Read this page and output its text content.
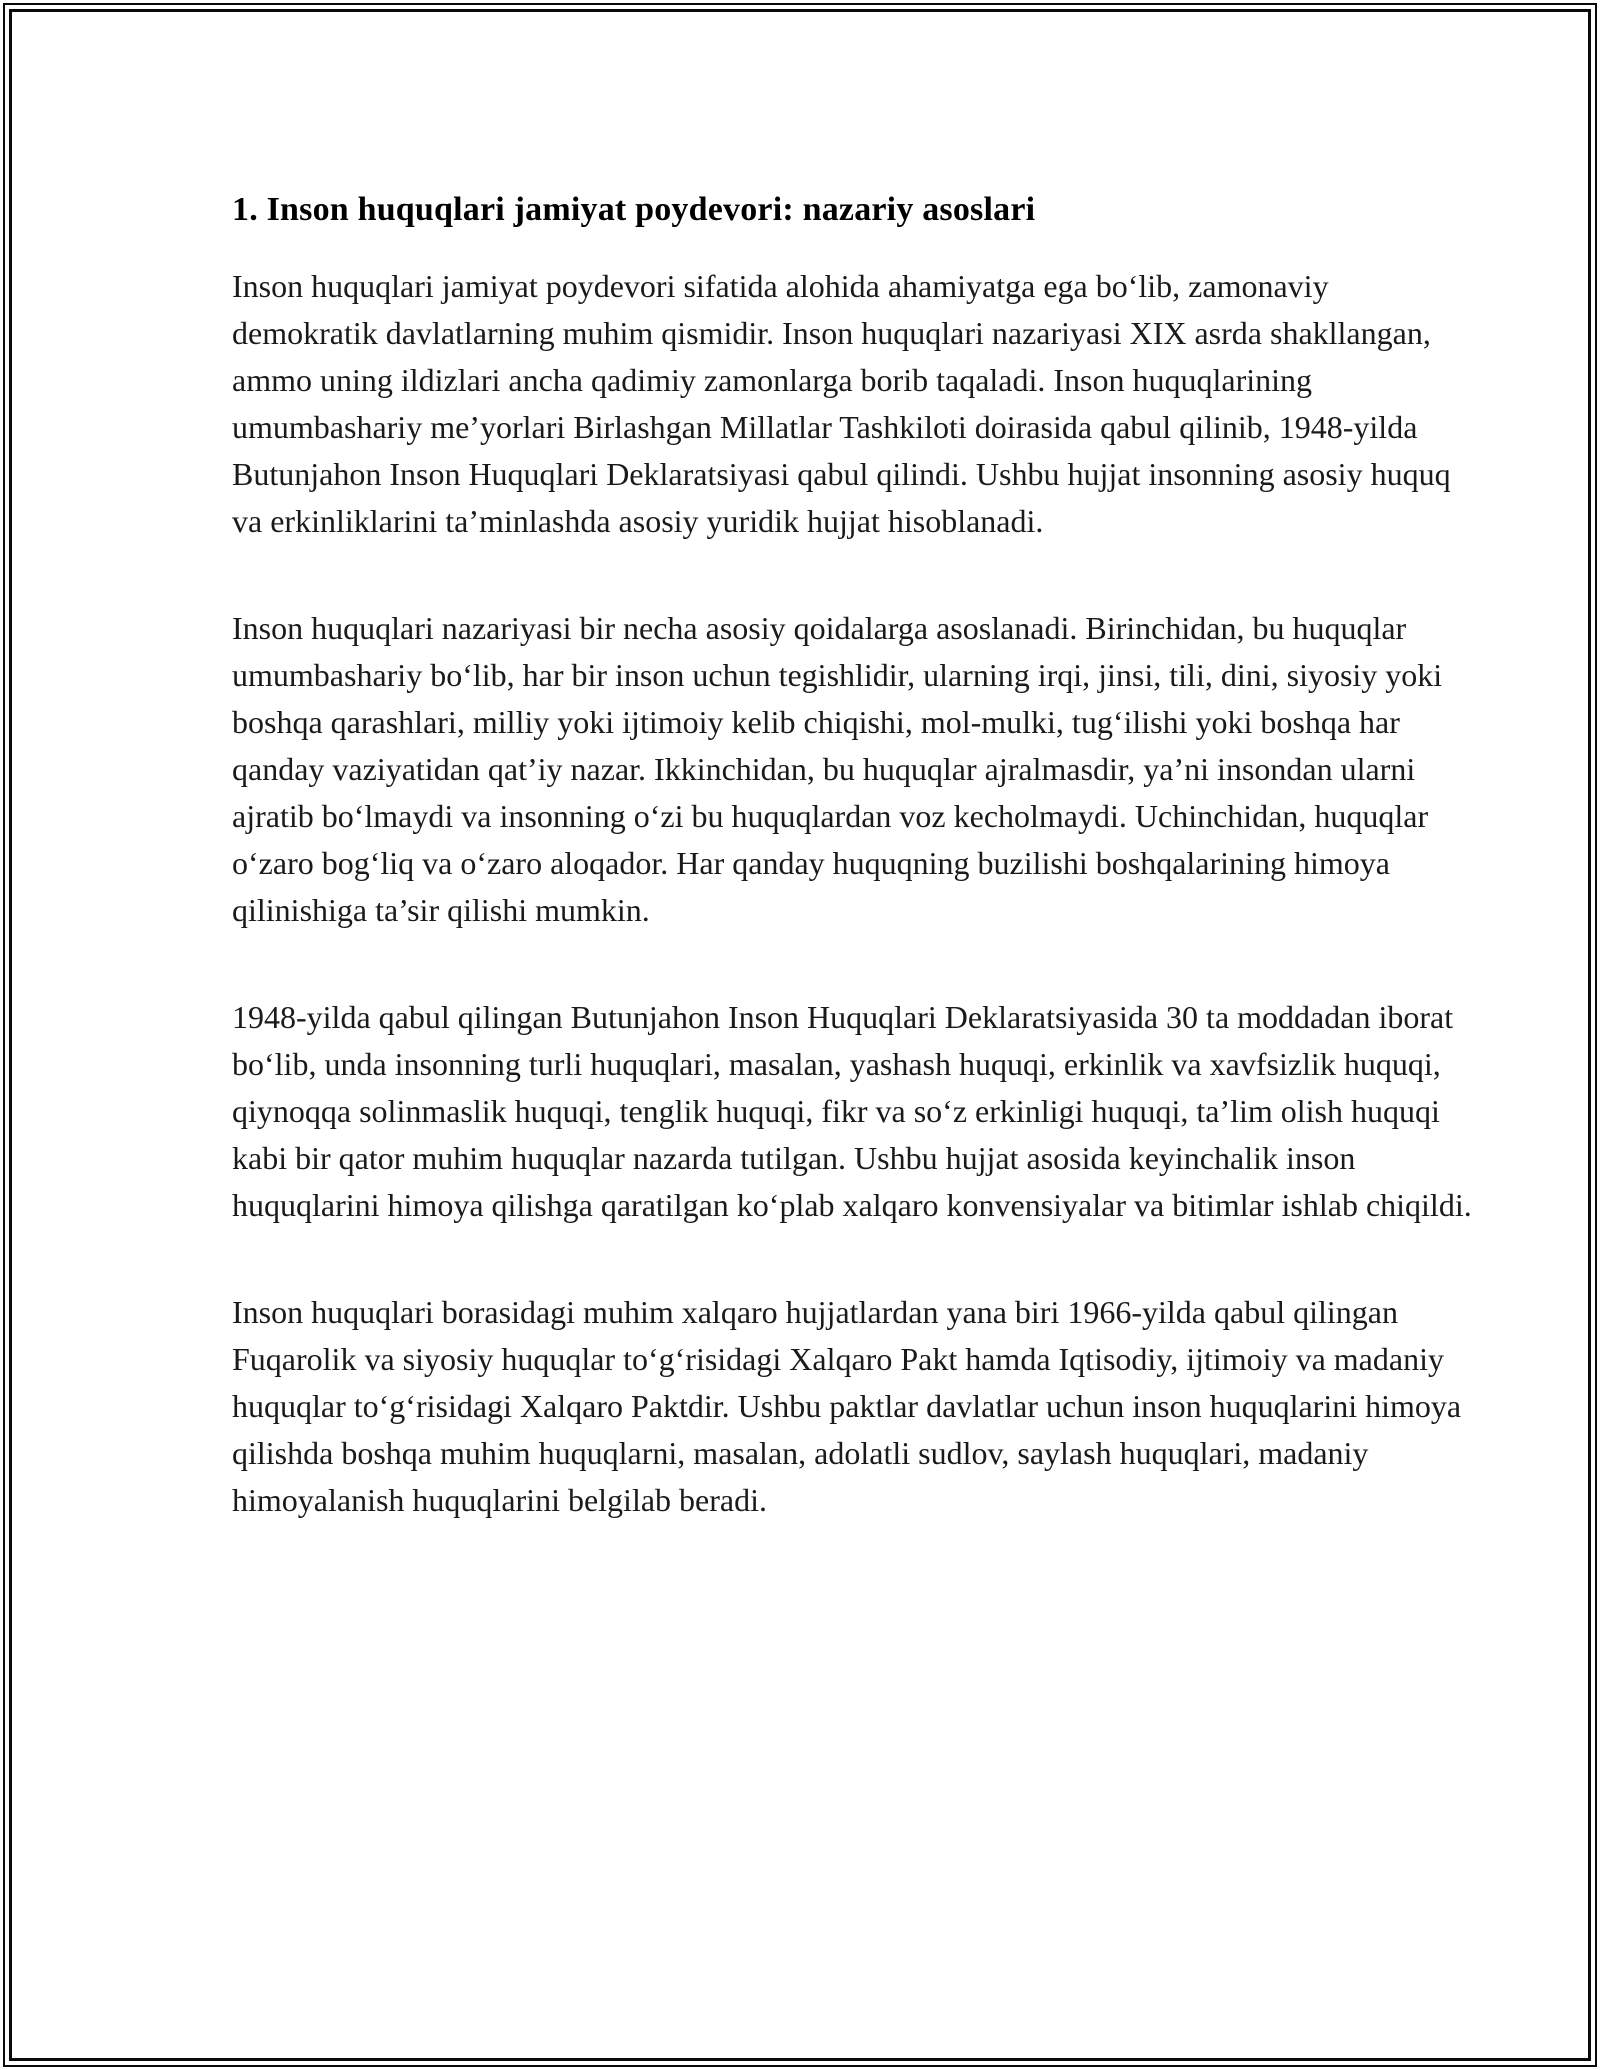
1. Inson huquqlari jamiyat poydevori: nazariy asoslari

Inson huquqlari jamiyat poydevori sifatida alohida ahamiyatga ega bo‘lib, zamonaviy demokratik davlatlarning muhim qismidir. Inson huquqlari nazariyasi XIX asrda shakllangan, ammo uning ildizlari ancha qadimiy zamonlarga borib taqaladi. Inson huquqlarining umumbashariy me’yorlari Birlashgan Millatlar Tashkiloti doirasida qabul qilinib, 1948-yilda Butunjahon Inson Huquqlari Deklaratsiyasi qabul qilindi. Ushbu hujjat insonning asosiy huquq va erkinliklarini ta’minlashda asosiy yuridik hujjat hisoblanadi.

Inson huquqlari nazariyasi bir necha asosiy qoidalarga asoslanadi. Birinchidan, bu huquqlar umumbashariy bo‘lib, har bir inson uchun tegishlidir, ularning irqi, jinsi, tili, dini, siyosiy yoki boshqa qarashlari, milliy yoki ijtimoiy kelib chiqishi, mol-mulki, tug‘ilishi yoki boshqa har qanday vaziyatidan qat’iy nazar. Ikkinchidan, bu huquqlar ajralmasdir, ya’ni insondan ularni ajratib bo‘lmaydi va insonning o‘zi bu huquqlardan voz kecholmaydi. Uchinchidan, huquqlar o‘zaro bog‘liq va o‘zaro aloqador. Har qanday huquqning buzilishi boshqalarining himoya qilinishiga ta’sir qilishi mumkin.

1948-yilda qabul qilingan Butunjahon Inson Huquqlari Deklaratsiyasida 30 ta moddadan iborat bo‘lib, unda insonning turli huquqlari, masalan, yashash huquqi, erkinlik va xavfsizlik huquqi, qiynoqqa solinmaslik huquqi, tenglik huquqi, fikr va so‘z erkinligi huquqi, ta’lim olish huquqi kabi bir qator muhim huquqlar nazarda tutilgan. Ushbu hujjat asosida keyinchalik inson huquqlarini himoya qilishga qaratilgan ko‘plab xalqaro konvensiyalar va bitimlar ishlab chiqildi.

Inson huquqlari borasidagi muhim xalqaro hujjatlardan yana biri 1966-yilda qabul qilingan Fuqarolik va siyosiy huquqlar to‘g‘risidagi Xalqaro Pakt hamda Iqtisodiy, ijtimoiy va madaniy huquqlar to‘g‘risidagi Xalqaro Paktdir. Ushbu paktlar davlatlar uchun inson huquqlarini himoya qilishda boshqa muhim huquqlarni, masalan, adolatli sudlov, saylash huquqlari, madaniy himoyalanish huquqlarini belgilab beradi.
